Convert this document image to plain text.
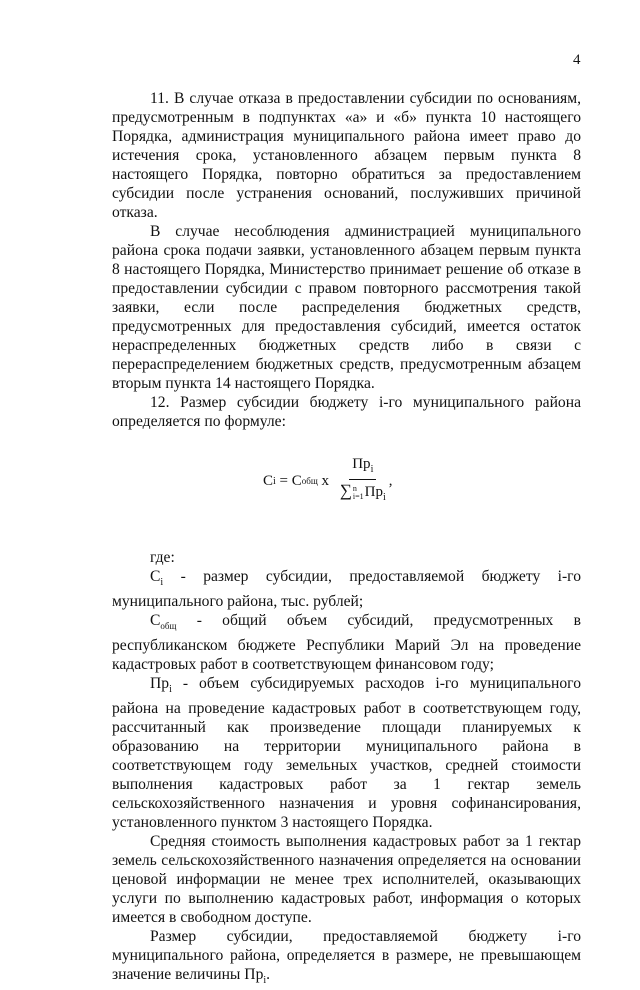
4

11. В случае отказа в предоставлении субсидии по основаниям, предусмотренным в подпунктах «а» и «б» пункта 10 настоящего Порядка, администрация муниципального района имеет право до истечения срока, установленного абзацем первым пункта 8 настоящего Порядка, повторно обратиться за предоставлением субсидии после устранения оснований, послуживших причиной отказа.

В случае несоблюдения администрацией муниципального района срока подачи заявки, установленного абзацем первым пункта 8 настоящего Порядка, Министерство принимает решение об отказе в предоставлении субсидии с правом повторного рассмотрения такой заявки, если после распределения бюджетных средств, предусмотренных для предоставления субсидий, имеется остаток нераспределенных бюджетных средств либо в связи с перераспределением бюджетных средств, предусмотренным абзацем вторым пункта 14 настоящего Порядка.

12. Размер субсидии бюджету i-го муниципального района определяется по формуле:

C i = C общ x $Пр_i$
∑ n
i=1 $Пр_i$ ,

где:

$C_i$ - размер субсидии, предоставляемой бюджету i-го муниципального района, тыс. рублей;

$C_{общ}$ - общий объем субсидий, предусмотренных в республиканском бюджете Республики Марий Эл на проведение кадастровых работ в соответствующем финансовом году;

$Пр_i$ - объем субсидируемых расходов i-го муниципального района на проведение кадастровых работ в соответствующем году, рассчитанный как произведение площади планируемых к образованию на территории муниципального района в соответствующем году земельных участков, средней стоимости выполнения кадастровых работ за 1 гектар земель сельскохозяйственного назначения и уровня софинансирования, установленного пунктом 3 настоящего Порядка.

Средняя стоимость выполнения кадастровых работ за 1 гектар земель сельскохозяйственного назначения определяется на основании ценовой информации не менее трех исполнителей, оказывающих услуги по выполнению кадастровых работ, информация о которых имеется в свободном доступе.

Размер субсидии, предоставляемой бюджету i-го муниципального района, определяется в размере, не превышающем значение величины $Пр_i$.
